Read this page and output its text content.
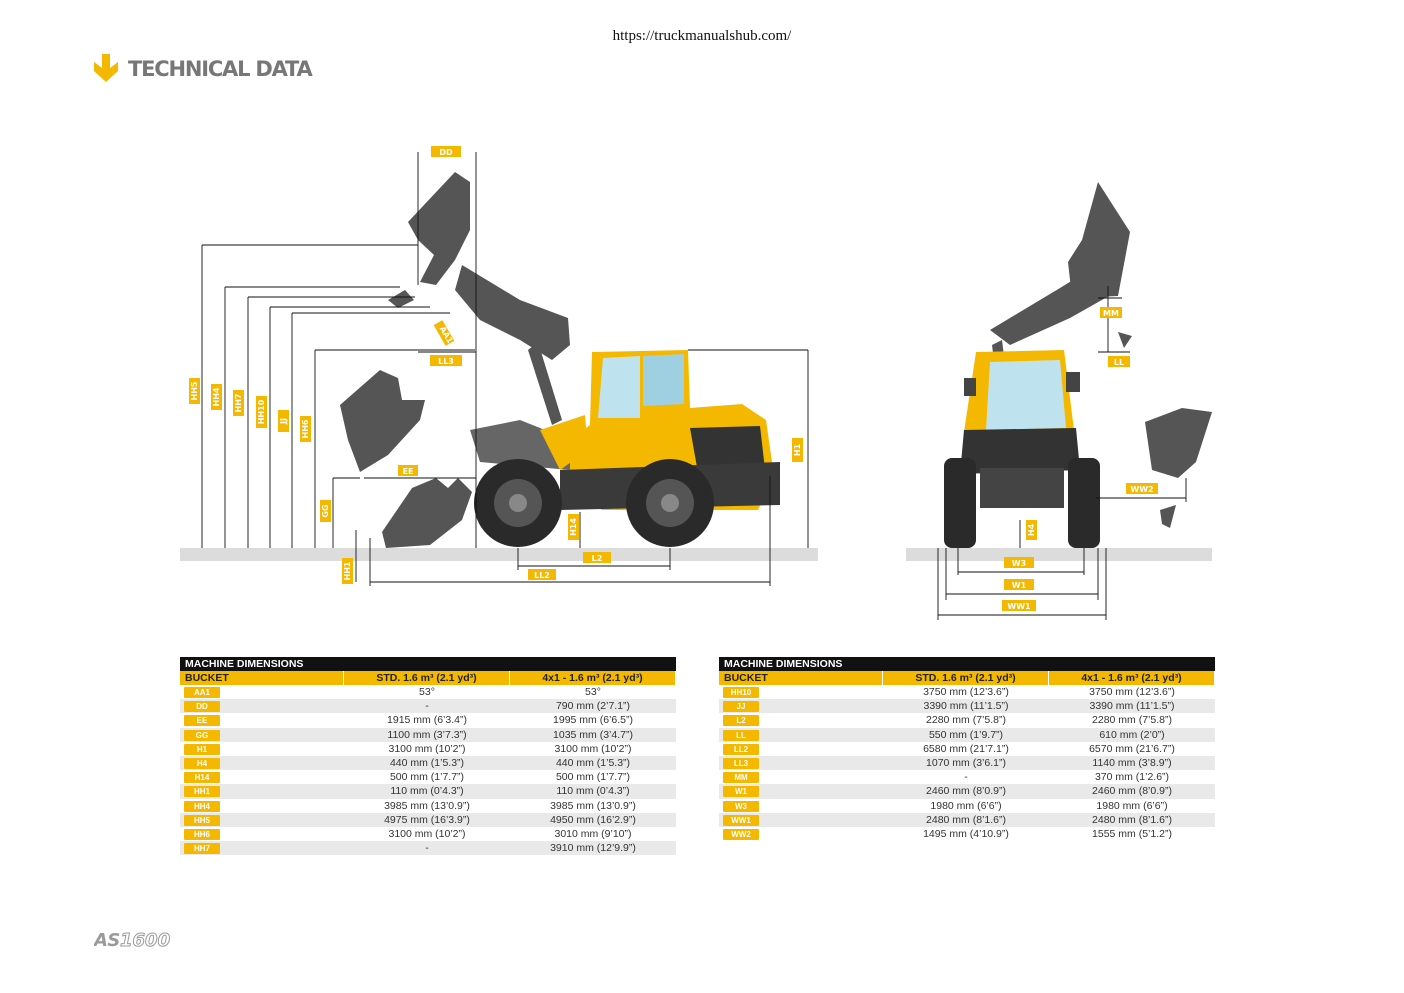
https://truckmanualshub.com/
TECHNICAL DATA
DD
LL3
EE
L2
LL2
MM
LL
WW2
W3
W1
WW1
AA1
HH5 HH4 HH7 HH10 JJ HH6
GG
HH1
H14
H1
H4
MACHINE DIMENSIONS
BUCKET	STD. 1.6 m³ (2.1 yd³)	4x1 - 1.6 m³ (2.1 yd³)
AA1	53°	53°
DD	-	790 mm (2’7.1”)
EE	1915 mm (6’3.4”)	1995 mm (6’6.5”)
GG	1100 mm (3’7.3”)	1035 mm (3’4.7”)
H1	3100 mm (10’2”)	3100 mm (10’2”)
H4	440 mm (1’5.3”)	440 mm (1’5.3”)
H14	500 mm (1’7.7”)	500 mm (1’7.7”)
HH1	110 mm (0’4.3”)	110 mm (0’4.3”)
HH4	3985 mm (13’0.9”)	3985 mm (13’0.9”)
HH5	4975 mm (16’3.9”)	4950 mm (16’2.9”)
HH6	3100 mm (10’2”)	3010 mm (9’10”)
HH7	-	3910 mm (12’9.9”)
MACHINE DIMENSIONS
BUCKET	STD. 1.6 m³ (2.1 yd³)	4x1 - 1.6 m³ (2.1 yd³)
HH10	3750 mm (12’3.6”)	3750 mm (12’3.6”)
JJ	3390 mm (11’1.5”)	3390 mm (11’1.5”)
L2	2280 mm (7’5.8”)	2280 mm (7’5.8”)
LL	550 mm (1’9.7”)	610 mm (2’0”)
LL2	6580 mm (21’7.1”)	6570 mm (21’6.7”)
LL3	1070 mm (3’6.1”)	1140 mm (3’8.9”)
MM	-	370 mm (1’2.6”)
W1	2460 mm (8’0.9”)	2460 mm (8’0.9”)
W3	1980 mm (6’6”)	1980 mm (6’6”)
WW1	2480 mm (8’1.6”)	2480 mm (8’1.6”)
WW2	1495 mm (4’10.9”)	1555 mm (5’1.2”)
AS 1600
